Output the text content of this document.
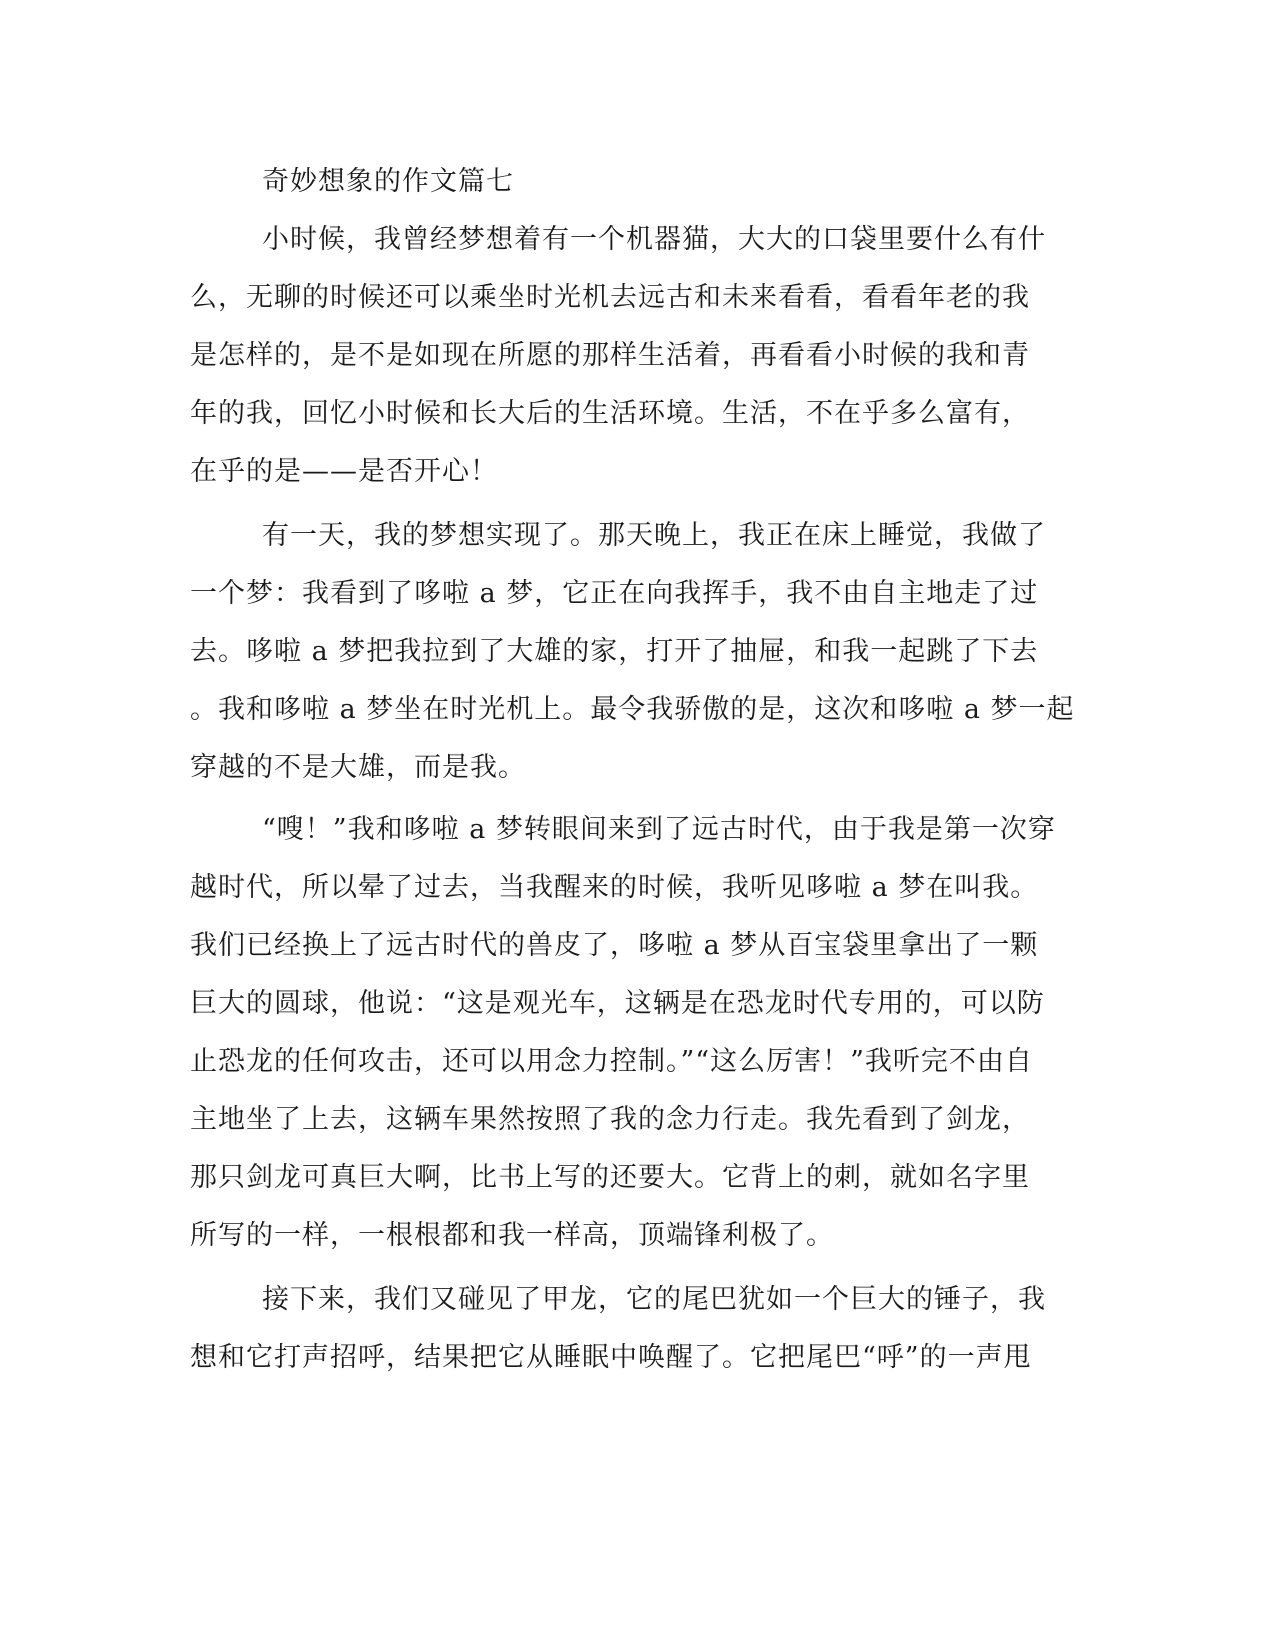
奇妙想象的作文篇七
小时候，我曾经梦想着有一个机器猫，大大的口袋里要什么有什
么，无聊的时候还可以乘坐时光机去远古和未来看看，看看年老的我
是怎样的，是不是如现在所愿的那样生活着，再看看小时候的我和青
年的我，回忆小时候和长大后的生活环境。生活，不在乎多么富有，
在乎的是——是否开心！
有一天，我的梦想实现了。那天晚上，我正在床上睡觉，我做了
一个梦：我看到了哆啦 a 梦，它正在向我挥手，我不由自主地走了过
去。哆啦 a 梦把我拉到了大雄的家，打开了抽屉，和我一起跳了下去
。我和哆啦 a 梦坐在时光机上。最令我骄傲的是，这次和哆啦 a 梦一起
穿越的不是大雄，而是我。
“嗖！”我和哆啦 a 梦转眼间来到了远古时代，由于我是第一次穿
越时代，所以晕了过去，当我醒来的时候，我听见哆啦 a 梦在叫我。
我们已经换上了远古时代的兽皮了，哆啦 a 梦从百宝袋里拿出了一颗
巨大的圆球，他说：“这是观光车，这辆是在恐龙时代专用的，可以防
止恐龙的任何攻击，还可以用念力控制。”“这么厉害！”我听完不由自
主地坐了上去，这辆车果然按照了我的念力行走。我先看到了剑龙，
那只剑龙可真巨大啊，比书上写的还要大。它背上的刺，就如名字里
所写的一样，一根根都和我一样高，顶端锋利极了。
接下来，我们又碰见了甲龙，它的尾巴犹如一个巨大的锤子，我
想和它打声招呼，结果把它从睡眠中唤醒了。它把尾巴“呼”的一声甩
